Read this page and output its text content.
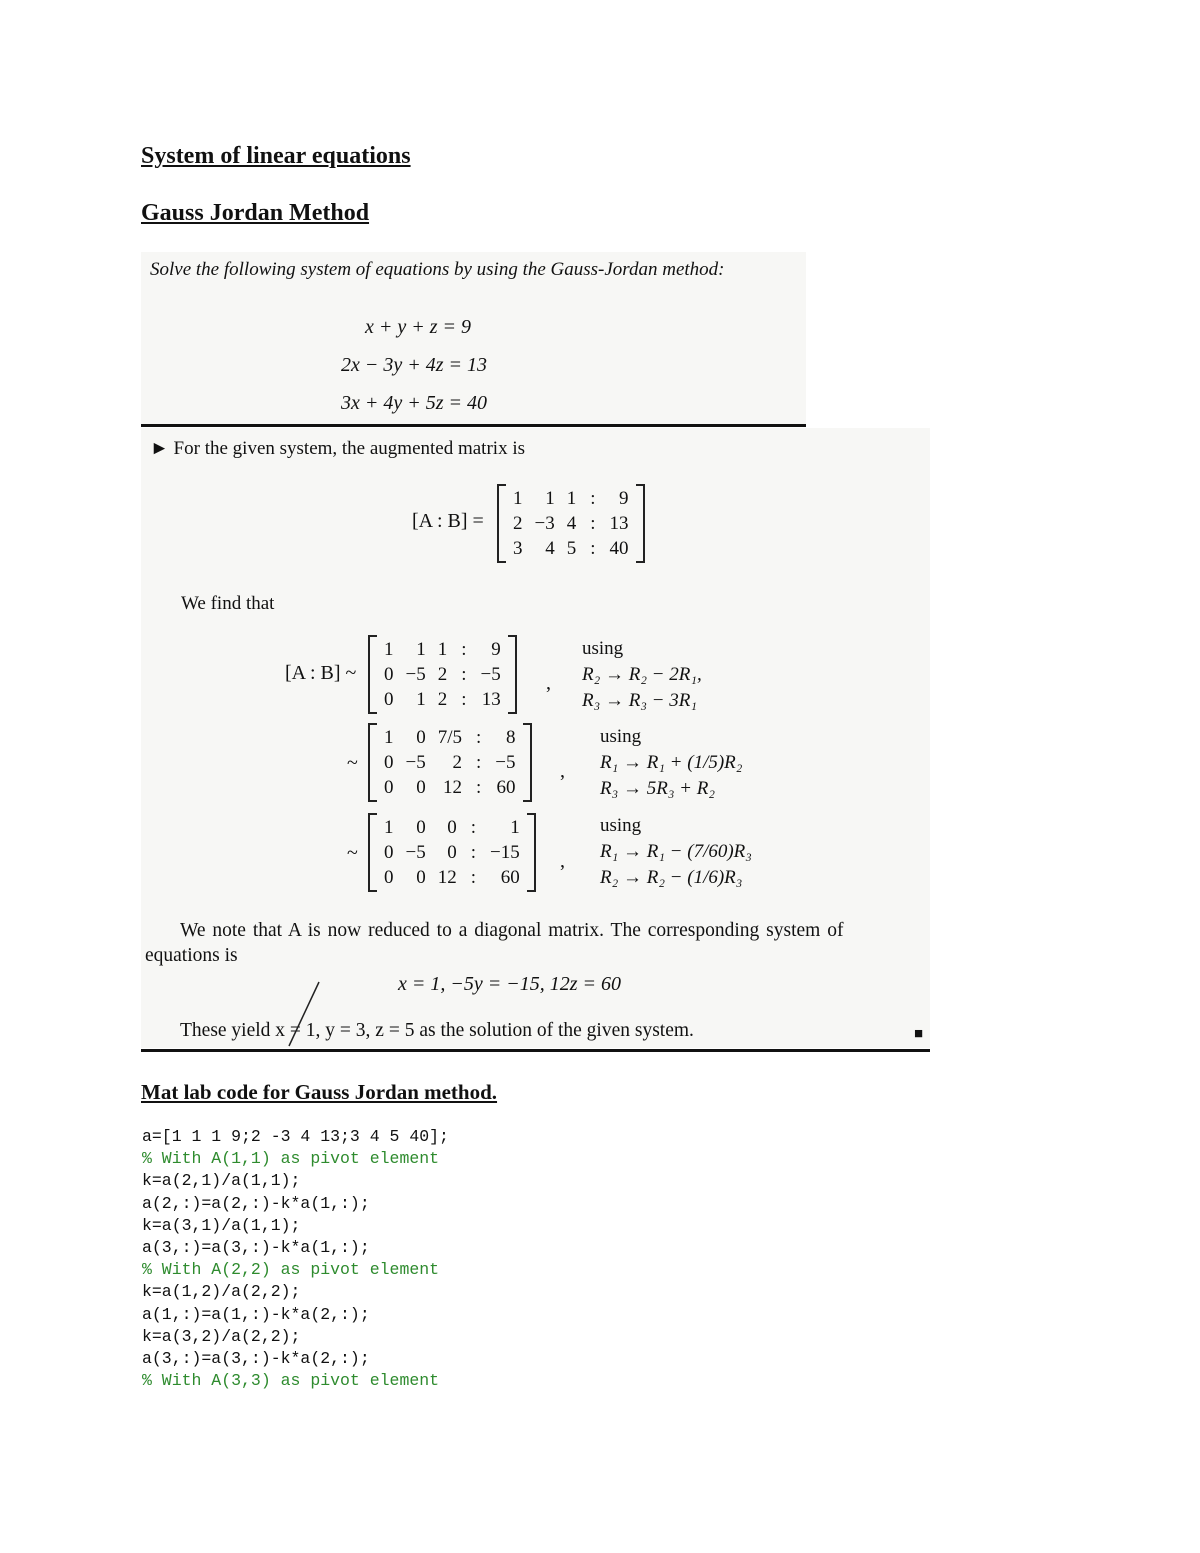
System of linear equations
Gauss Jordan Method
Solve the following system of equations by using the Gauss-Jordan method:
x + y + z = 9
2x − 3y + 4z = 13
3x + 4y + 5z = 40
► For the given system, the augmented matrix is
[A : B] =
1	1	1	:	9
2	−3	4	:	13
3	4	5	:	40
We find that
[A : B] ~
1	1	1	:	9
0	−5	2	:	−5
0	1	2	:	13
,
using
R₂ → R₂ − 2R₁,
R₃ → R₃ − 3R₁
~
1	0	7/5	:	8
0	−5	2	:	−5
0	0	12	:	60
,
using
R₁ → R₁ + (1/5)R₂
R₃ → 5R₃ + R₂
~
1	0	0	:	1
0	−5	0	:	−15
0	0	12	:	60
,
using
R₁ → R₁ − (7/60)R₃
R₂ → R₂ − (1/6)R₃
We note that A is now reduced to a diagonal matrix. The corresponding system of
equations is
x = 1, −5y = −15, 12z = 60
These yield x = 1, y = 3, z = 5 as the solution of the given system.	■
Mat lab code for Gauss Jordan method.
a=[1 1 1 9;2 -3 4 13;3 4 5 40];
% With A(1,1) as pivot element
k=a(2,1)/a(1,1);
a(2,:)=a(2,:)-k*a(1,:);
k=a(3,1)/a(1,1);
a(3,:)=a(3,:)-k*a(1,:);
% With A(2,2) as pivot element
k=a(1,2)/a(2,2);
a(1,:)=a(1,:)-k*a(2,:);
k=a(3,2)/a(2,2);
a(3,:)=a(3,:)-k*a(2,:);
% With A(3,3) as pivot element
